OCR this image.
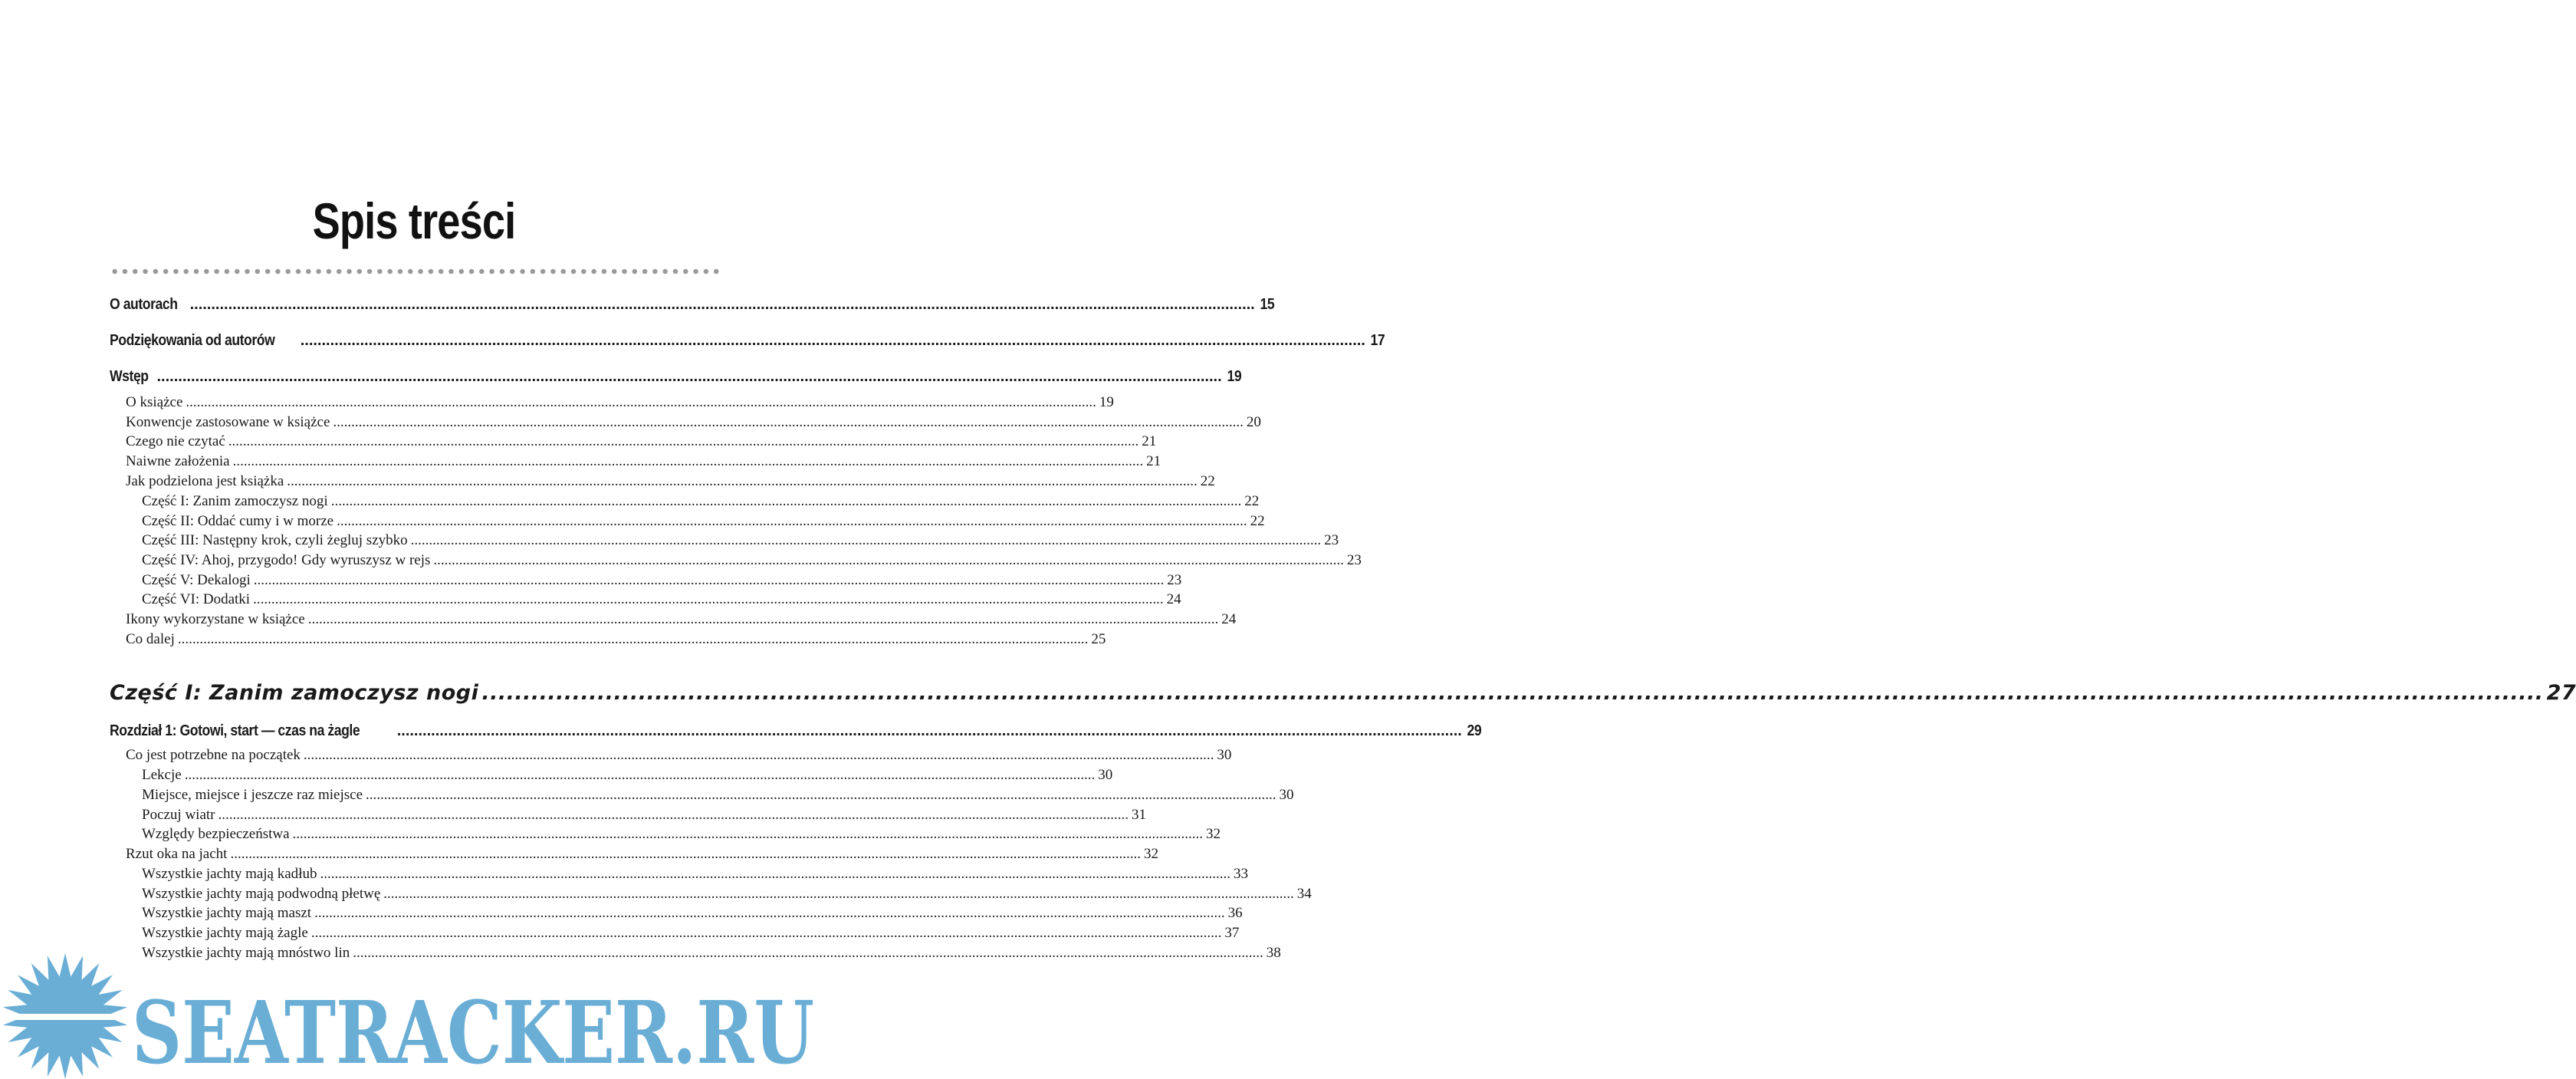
Spis treści
O autorach .....	15
Podziękowania od autorów .....	17
Wstęp .....	19
O książce .....	19
Konwencje zastosowane w książce .....	20
Czego nie czytać .....	21
Naiwne założenia .....	21
Jak podzielona jest książka .....	22
Część I: Zanim zamoczysz nogi .....	22
Część II: Oddać cumy i w morze .....	22
Część III: Następny krok, czyli żegluj szybko .....	23
Część IV: Ahoj, przygodo! Gdy wyruszysz w rejs .....	23
Część V: Dekalogi .....	23
Część VI: Dodatki .....	24
Ikony wykorzystane w książce .....	24
Co dalej .....	25
Część I: Zanim zamoczysz nogi .....	27
Rozdział 1: Gotowi, start — czas na żagle .....	29
Co jest potrzebne na początek .....	30
Lekcje .....	30
Miejsce, miejsce i jeszcze raz miejsce .....	30
Poczuj wiatr .....	31
Względy bezpieczeństwa .....	32
Rzut oka na jacht .....	32
Wszystkie jachty mają kadłub .....	33
Wszystkie jachty mają podwodną płetwę .....	34
Wszystkie jachty mają maszt .....	36
Wszystkie jachty mają żagle .....	37
Wszystkie jachty mają mnóstwo lin .....	38
SEATRACKER.RU
